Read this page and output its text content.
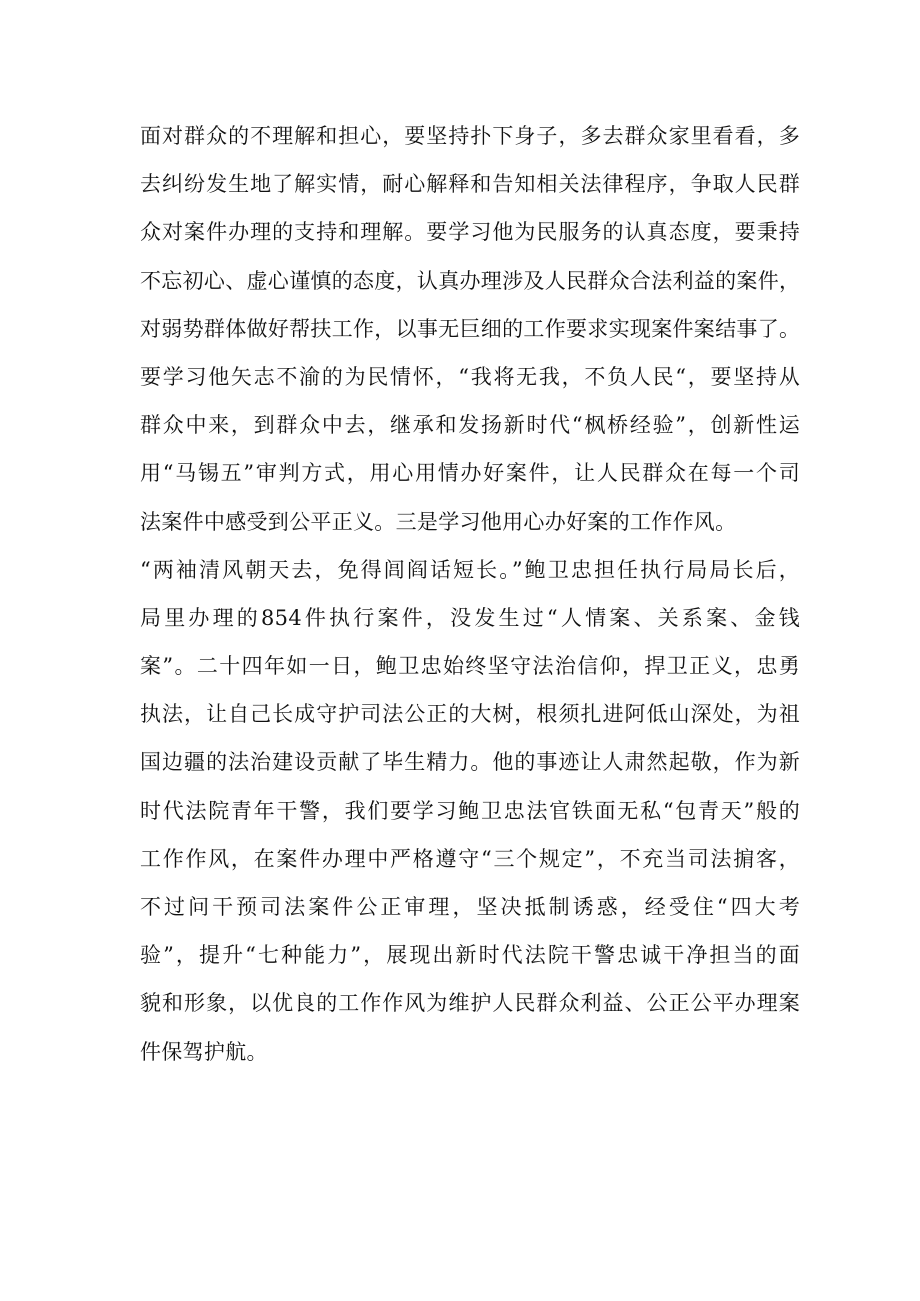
面对群众的不理解和担心，要坚持扑下身子，多去群众家里看看，多
去纠纷发生地了解实情，耐心解释和告知相关法律程序，争取人民群
众对案件办理的支持和理解。要学习他为民服务的认真态度，要秉持
不忘初心、虚心谨慎的态度，认真办理涉及人民群众合法利益的案件，
对弱势群体做好帮扶工作，以事无巨细的工作要求实现案件案结事了。
要学习他矢志不渝的为民情怀，“我将无我，不负人民“，要坚持从
群众中来，到群众中去，继承和发扬新时代“枫桥经验”，创新性运
用“马锡五”审判方式，用心用情办好案件，让人民群众在每一个司
法案件中感受到公平正义。三是学习他用心办好案的工作作风。
“两袖清风朝天去，免得闾阎话短长。”鲍卫忠担任执行局局长后，
局里办理的854件执行案件，没发生过“人情案、关系案、金钱
案”。二十四年如一日，鲍卫忠始终坚守法治信仰，捍卫正义，忠勇
执法，让自己长成守护司法公正的大树，根须扎进阿低山深处，为祖
国边疆的法治建设贡献了毕生精力。他的事迹让人肃然起敬，作为新
时代法院青年干警，我们要学习鲍卫忠法官铁面无私“包青天”般的
工作作风，在案件办理中严格遵守“三个规定”，不充当司法掮客，
不过问干预司法案件公正审理，坚决抵制诱惑，经受住“四大考
验”，提升“七种能力”，展现出新时代法院干警忠诚干净担当的面
貌和形象，以优良的工作作风为维护人民群众利益、公正公平办理案
件保驾护航。
